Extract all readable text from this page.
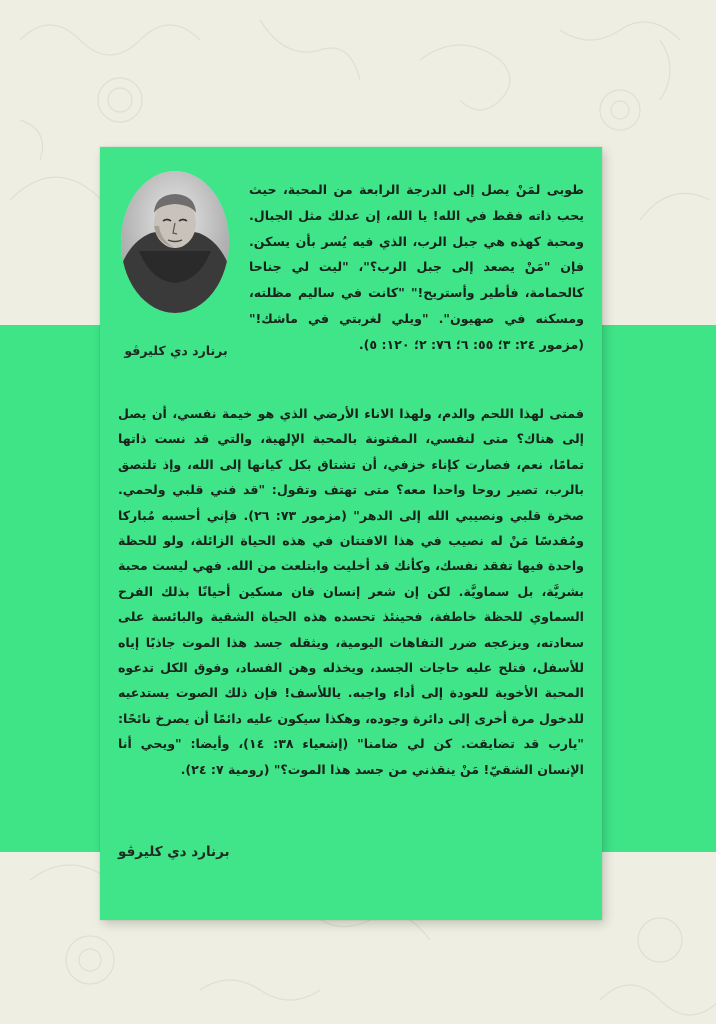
برنارد دي كليرڤو
طوبى لمَنْ يصل إلى الدرجة الرابعة من المحبة، حيث يحب ذاته فقط في الله! يا الله، إن عدلك مثل الجبال. ومحبة كهذه هي جبل الرب، الذي فيه يُسر بأن يسكن. فإن "مَنْ يصعد إلى جبل الرب؟"، "ليت لي جناحا كالحمامة، فأطير وأستريح!" "كانت في ساليم مظلته، ومسكنه في صهيون". "ويلي لغربتي في ماشك!" (مزمور ٢٤: ٣؛ ٥٥: ٦؛ ٧٦: ٢؛ ١٢٠: ٥).
فمتى لهذا اللحم والدم، ولهذا الاناء الأرضي الذي هو خيمة نفسي، أن يصل إلى هناك؟ متى لنفسي، المفتونة بالمحبة الإلهية، والتي قد نست ذاتها تمامًا، نعم، فصارت كإناء خزفي، أن تشتاق بكل كيانها إلى الله، وإذ تلتصق بالرب، تصير روحا واحدا معه؟ متى تهتف وتقول: "قد فني قلبي ولحمي. صخرة قلبي ونصيبي الله إلى الدهر" (مزمور ٧٣: ٢٦). فإني أحسبه مُباركا ومُقدسًا مَنْ له نصيب في هذا الافتتان في هذه الحياة الزائلة، ولو للحظة واحدة فيها تفقد نفسك، وكأنك قد أخليت وابتلعت من الله. فهي ليست محبة بشريَّة، بل سماويَّة. لكن إن شعر إنسان فان مسكين أحيانًا بذلك الفرح السماوي للحظة خاطفة، فحينئذ تحسده هذه الحياة الشقية والبائسة على سعادته، ويزعجه ضرر التفاهات اليومية، ويثقله جسد هذا الموت جاذبًا إياه للأسفل، فتلح عليه حاجات الجسد، ويخذله وهن الفساد، وفوق الكل تدعوه المحبة الأخوية للعودة إلى أداء واجبه. ياللأسف! فإن ذلك الصوت يستدعيه للدخول مرة أخرى إلى دائرة وجوده، وهكذا سيكون عليه دائمًا أن يصرخ نائحًا: "يارب قد تضايقت. كن لي ضامنا" (إشعياء ٣٨: ١٤)، وأيضا: "ويحي أنا الإنسان الشقيّ! مَنْ ينقذني من جسد هذا الموت؟" (رومية ٧: ٢٤).
برنارد دي كليرڤو
